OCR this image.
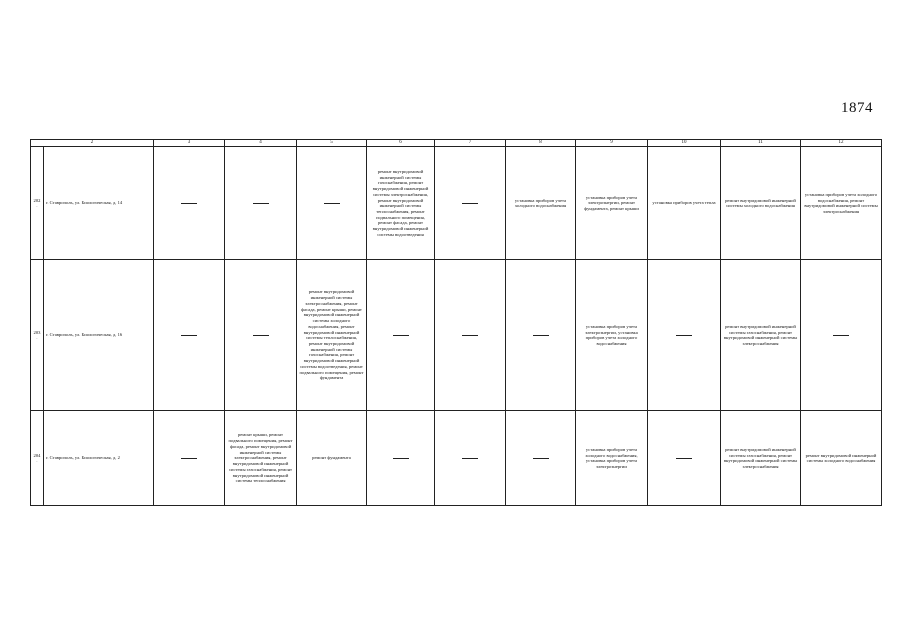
1874
2		3	4	5	6	7	8	9	10	11	12
202.	г. Ставрополь, ул. Биологическая, д. 14				ремонт внутридомовой инженерной системы газоснабжения, ремонт внутридомовой инженерной системы электроснабжения, ремонт внутридомовой инженерной системы теплоснабжения, ремонт подвального помещения, ремонт фасада, ремонт внутридомовой инженерной системы водоотведения		установка приборов учета холодного водоснабжения	установка приборов учета электроэнергии, ремонт фундамента, ремонт крыши	установка приборов учета тепла	ремонт внутридомовой инженерной системы холодного водоснабжения	установка приборов учета холодного водоснабжения, ремонт внутридомовой инженерной системы электроснабжения
203.	г. Ставрополь, ул. Биологическая, д. 16			ремонт внутридомовой инженерной системы электроснабжения, ремонт фасада, ремонт крыши, ремонт внутридомовой инженерной системы холодного водоснабжения, ремонт внутридомовой инженерной системы теплоснабжения, ремонт внутридомовой инженерной системы газоснабжения, ремонт внутридомовой инженерной системы водоотведения, ремонт подвального помещения, ремонт фундамента				установка приборов учета электроэнергии, установка приборов учета холодного водоснабжения		ремонт внутридомовой инженерной системы газоснабжения, ремонт внутридомовой инженерной системы электроснабжения	
204.	г. Ставрополь, ул. Биологическая, д. 2		ремонт крыши, ремонт подвального помещения, ремонт фасада, ремонт внутридомовой инженерной системы электроснабжения, ремонт внутридомовой инженерной системы газоснабжения, ремонт внутридомовой инженерной системы теплоснабжения	ремонт фундамента				установка приборов учета холодного водоснабжения, установка приборов учета электроэнергии		ремонт внутридомовой инженерной системы газоснабжения, ремонт внутридомовой инженерной системы электроснабжения	ремонт внутридомовой инженерной системы холодного водоснабжения
